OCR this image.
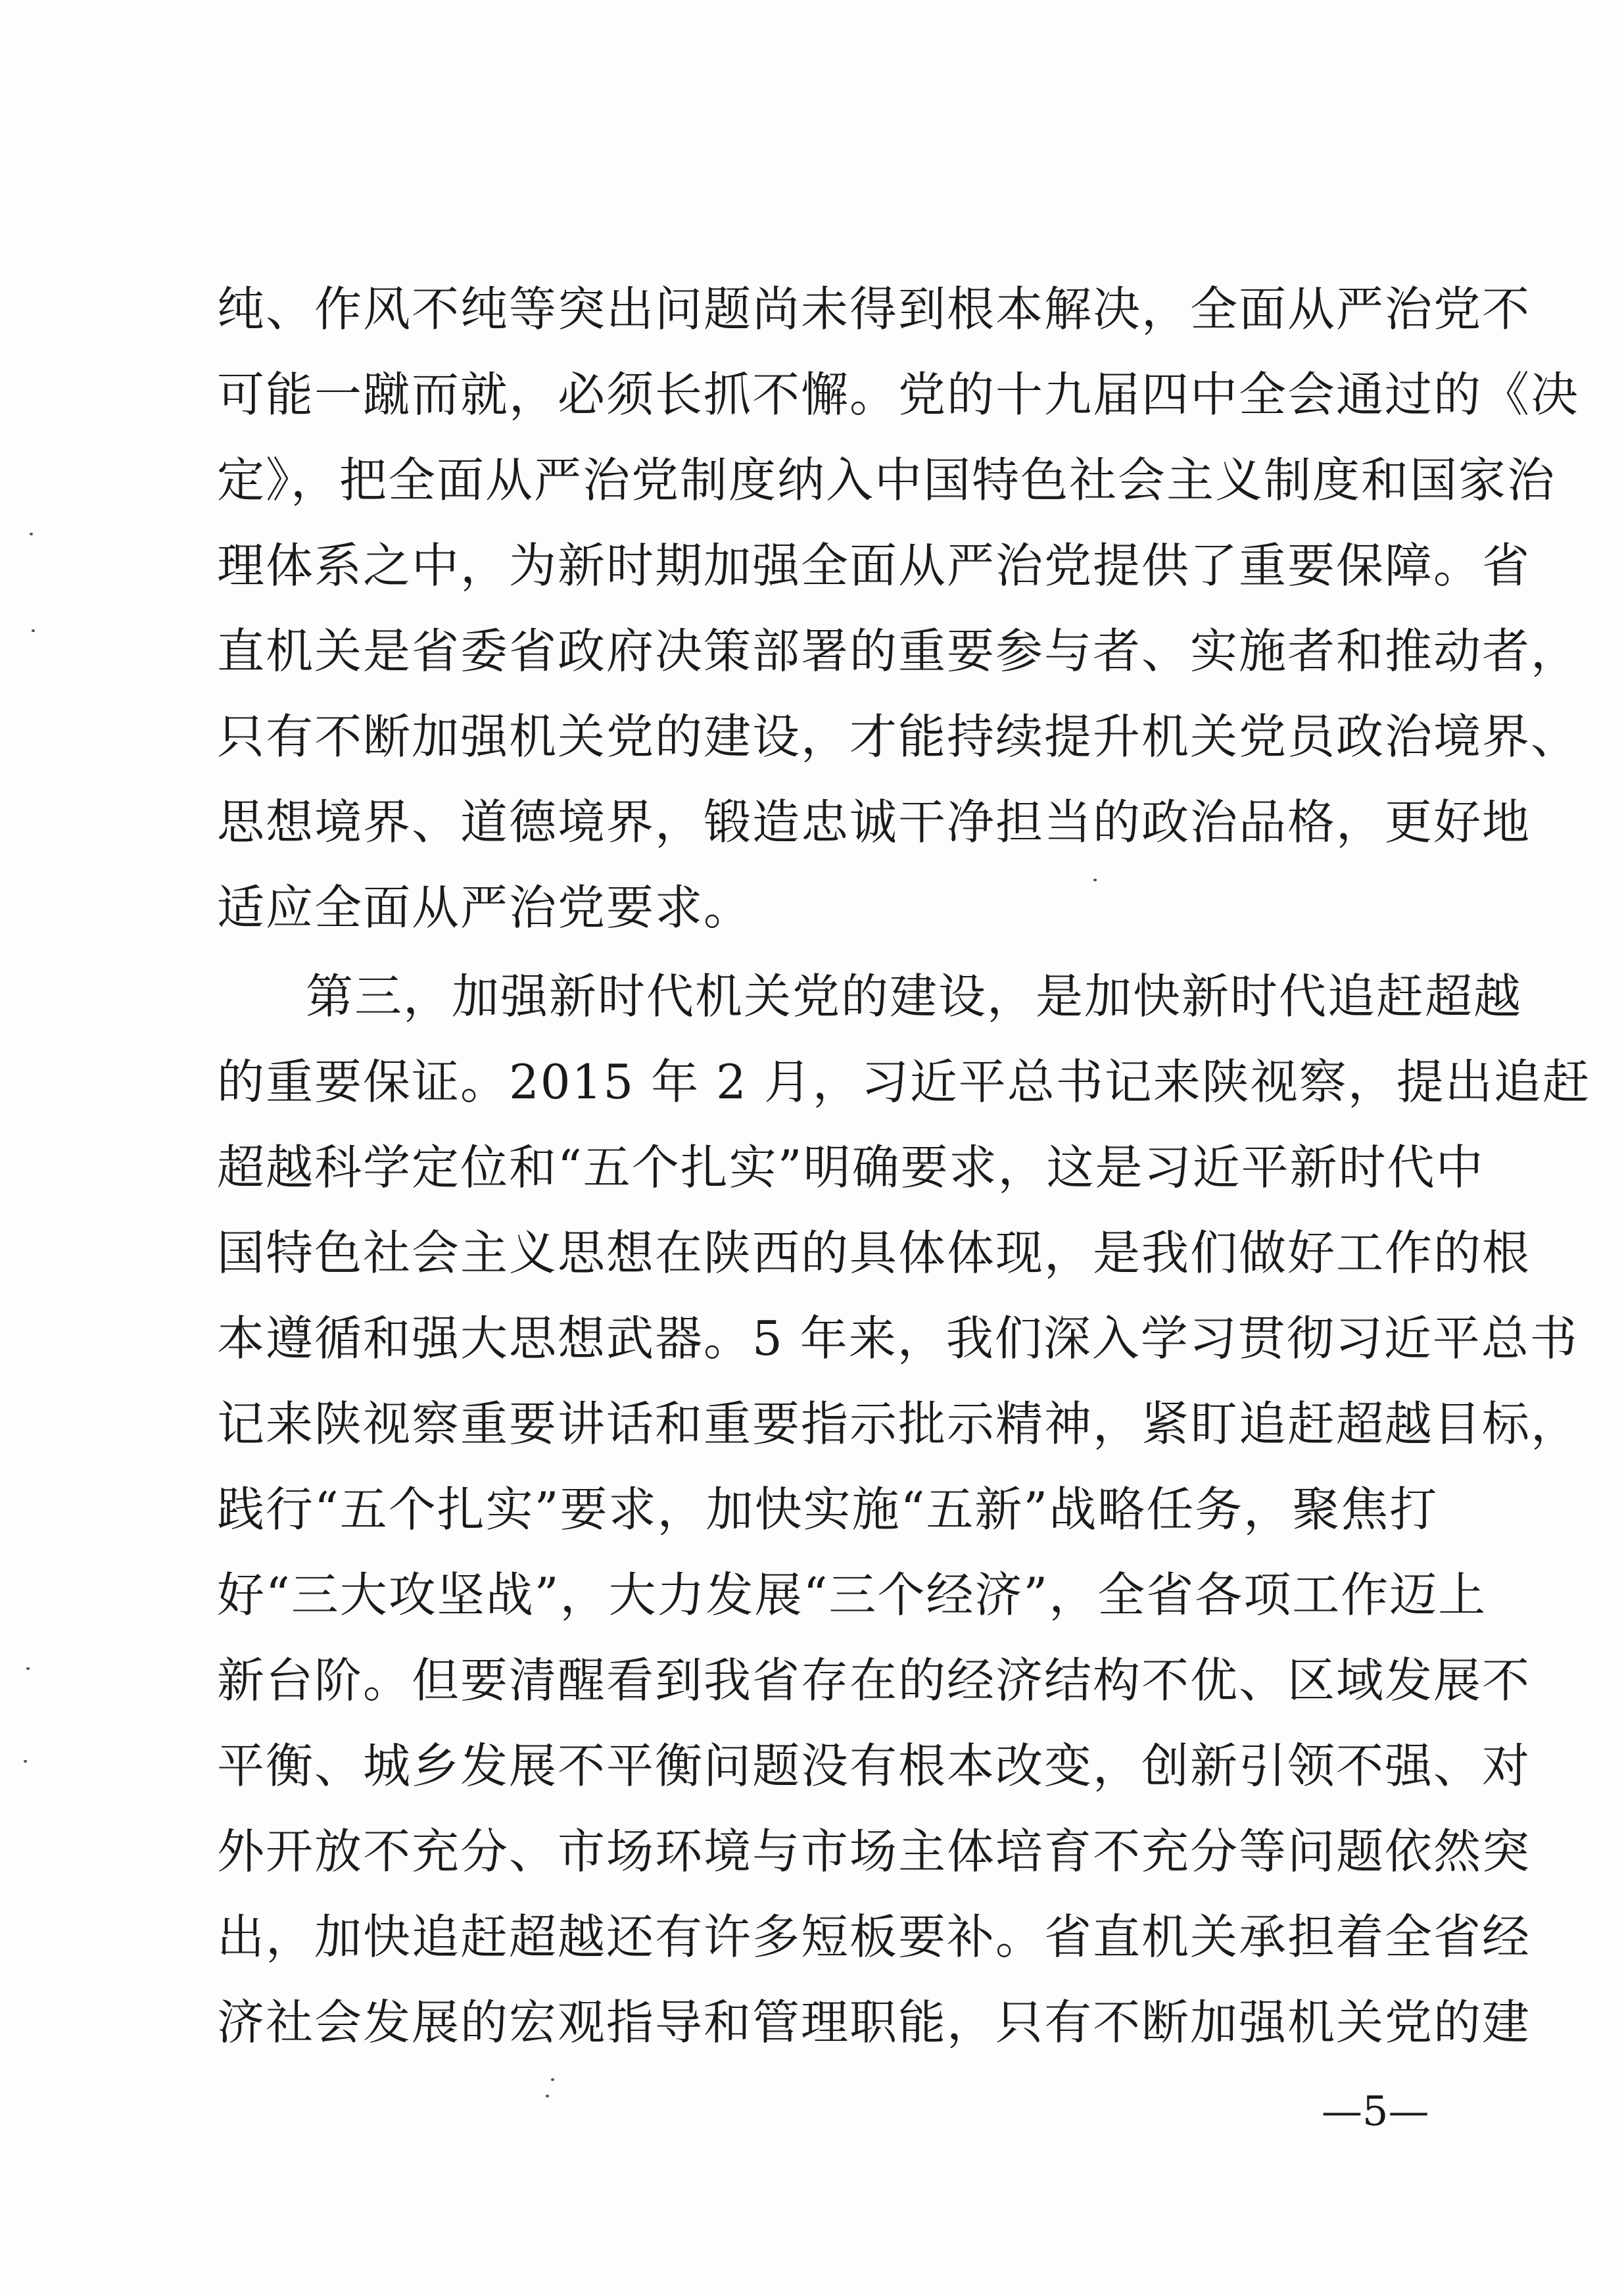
纯、作风不纯等突出问题尚未得到根本解决，全面从严治党不
可能一蹴而就，必须长抓不懈。党的十九届四中全会通过的《决
定》，把全面从严治党制度纳入中国特色社会主义制度和国家治
理体系之中，为新时期加强全面从严治党提供了重要保障。省
直机关是省委省政府决策部署的重要参与者、实施者和推动者，
只有不断加强机关党的建设，才能持续提升机关党员政治境界、
思想境界、道德境界，锻造忠诚干净担当的政治品格，更好地
适应全面从严治党要求。
第三，加强新时代机关党的建设，是加快新时代追赶超越
的重要保证。2015 年 2 月，习近平总书记来陕视察，提出追赶
超越科学定位和“五个扎实”明确要求，这是习近平新时代中
国特色社会主义思想在陕西的具体体现，是我们做好工作的根
本遵循和强大思想武器。5 年来，我们深入学习贯彻习近平总书
记来陕视察重要讲话和重要指示批示精神，紧盯追赶超越目标，
践行“五个扎实”要求，加快实施“五新”战略任务，聚焦打
好“三大攻坚战”，大力发展“三个经济”，全省各项工作迈上
新台阶。但要清醒看到我省存在的经济结构不优、区域发展不
平衡、城乡发展不平衡问题没有根本改变，创新引领不强、对
外开放不充分、市场环境与市场主体培育不充分等问题依然突
出，加快追赶超越还有许多短板要补。省直机关承担着全省经
济社会发展的宏观指导和管理职能，只有不断加强机关党的建
—5—
